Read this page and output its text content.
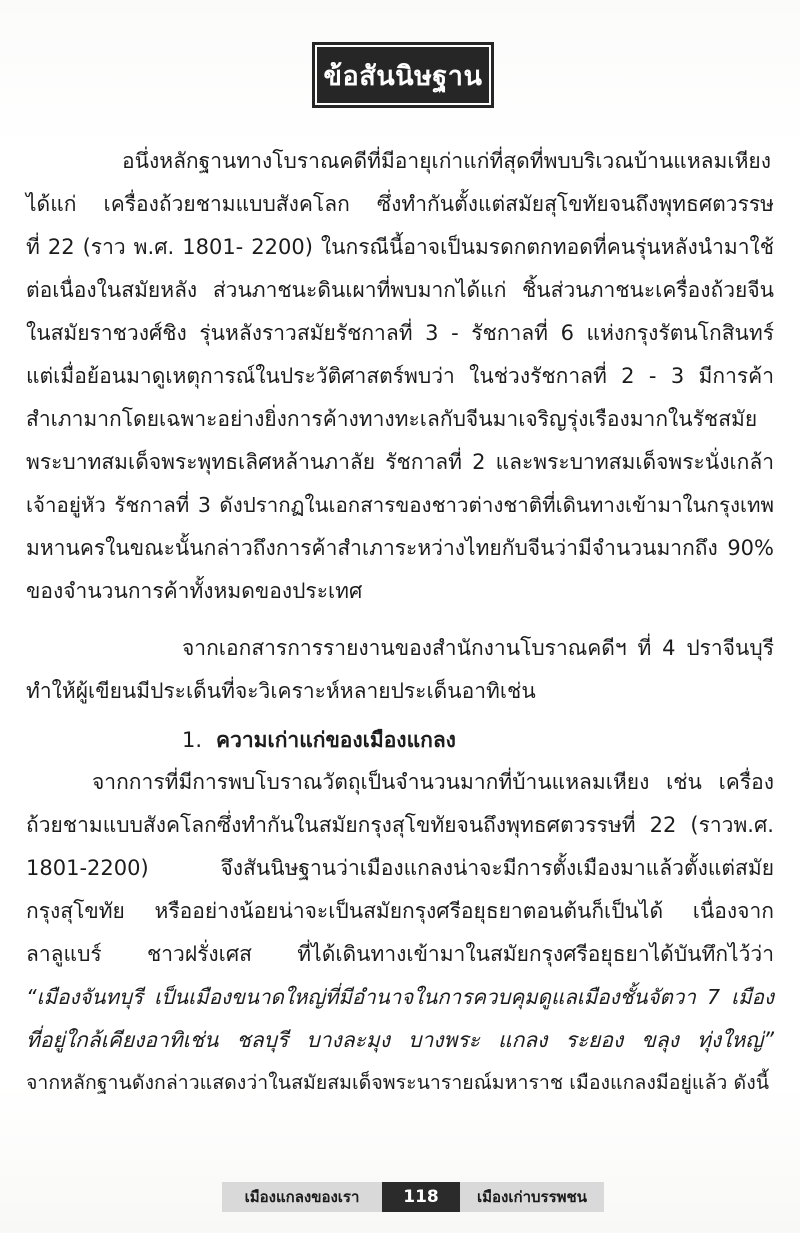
ข้อสันนิษฐาน
อนึ่งหลักฐานทางโบราณคดีที่มีอายุเก่าแก่ที่สุดที่พบบริเวณบ้านแหลมเหียง
ได้แก่ เครื่องถ้วยชามแบบสังคโลก ซึ่งทำกันตั้งแต่สมัยสุโขทัยจนถึงพุทธศตวรรษ
ที่ 22 (ราว พ.ศ. 1801- 2200) ในกรณีนี้อาจเป็นมรดกตกทอดที่คนรุ่นหลังนำมาใช้
ต่อเนื่องในสมัยหลัง ส่วนภาชนะดินเผาที่พบมากได้แก่ ชิ้นส่วนภาชนะเครื่องถ้วยจีน
ในสมัยราชวงศ์ชิง รุ่นหลังราวสมัยรัชกาลที่ 3 - รัชกาลที่ 6 แห่งกรุงรัตนโกสินทร์
แต่เมื่อย้อนมาดูเหตุการณ์ในประวัติศาสตร์พบว่า ในช่วงรัชกาลที่ 2 - 3 มีการค้า
สำเภามากโดยเฉพาะอย่างยิ่งการค้างทางทะเลกับจีนมาเจริญรุ่งเรืองมากในรัชสมัย
พระบาทสมเด็จพระพุทธเลิศหล้านภาลัย รัชกาลที่ 2 และพระบาทสมเด็จพระนั่งเกล้า
เจ้าอยู่หัว รัชกาลที่ 3 ดังปรากฏในเอกสารของชาวต่างชาติที่เดินทางเข้ามาในกรุงเทพ
มหานครในขณะนั้นกล่าวถึงการค้าสำเภาระหว่างไทยกับจีนว่ามีจำนวนมากถึง 90%
ของจำนวนการค้าทั้งหมดของประเทศ
จากเอกสารการรายงานของสำนักงานโบราณคดีฯ ที่ 4 ปราจีนบุรี
ทำให้ผู้เขียนมีประเด็นที่จะวิเคราะห์หลายประเด็นอาทิเช่น
1. ความเก่าแก่ของเมืองแกลง
จากการที่มีการพบโบราณวัตถุเป็นจำนวนมากที่บ้านแหลมเหียง เช่น เครื่อง
ถ้วยชามแบบสังคโลกซึ่งทำกันในสมัยกรุงสุโขทัยจนถึงพุทธศตวรรษที่ 22 (ราวพ.ศ.
1801-2200) จึงสันนิษฐานว่าเมืองแกลงน่าจะมีการตั้งเมืองมาแล้วตั้งแต่สมัย
กรุงสุโขทัย หรืออย่างน้อยน่าจะเป็นสมัยกรุงศรีอยุธยาตอนต้นก็เป็นได้ เนื่องจาก
ลาลูแบร์ ชาวฝรั่งเศส ที่ได้เดินทางเข้ามาในสมัยกรุงศรีอยุธยาได้บันทึกไว้ว่า
“เมืองจันทบุรี เป็นเมืองขนาดใหญ่ที่มีอำนาจในการควบคุมดูแลเมืองชั้นจัตวา 7 เมือง
ที่อยู่ใกล้เคียงอาทิเช่น ชลบุรี บางละมุง บางพระ แกลง ระยอง ขลุง ทุ่งใหญ่”
จากหลักฐานดังกล่าวแสดงว่าในสมัยสมเด็จพระนารายณ์มหาราช เมืองแกลงมีอยู่แล้ว ดังนี้
เมืองแกลงของเรา	118	เมืองเก่าบรรพชน
